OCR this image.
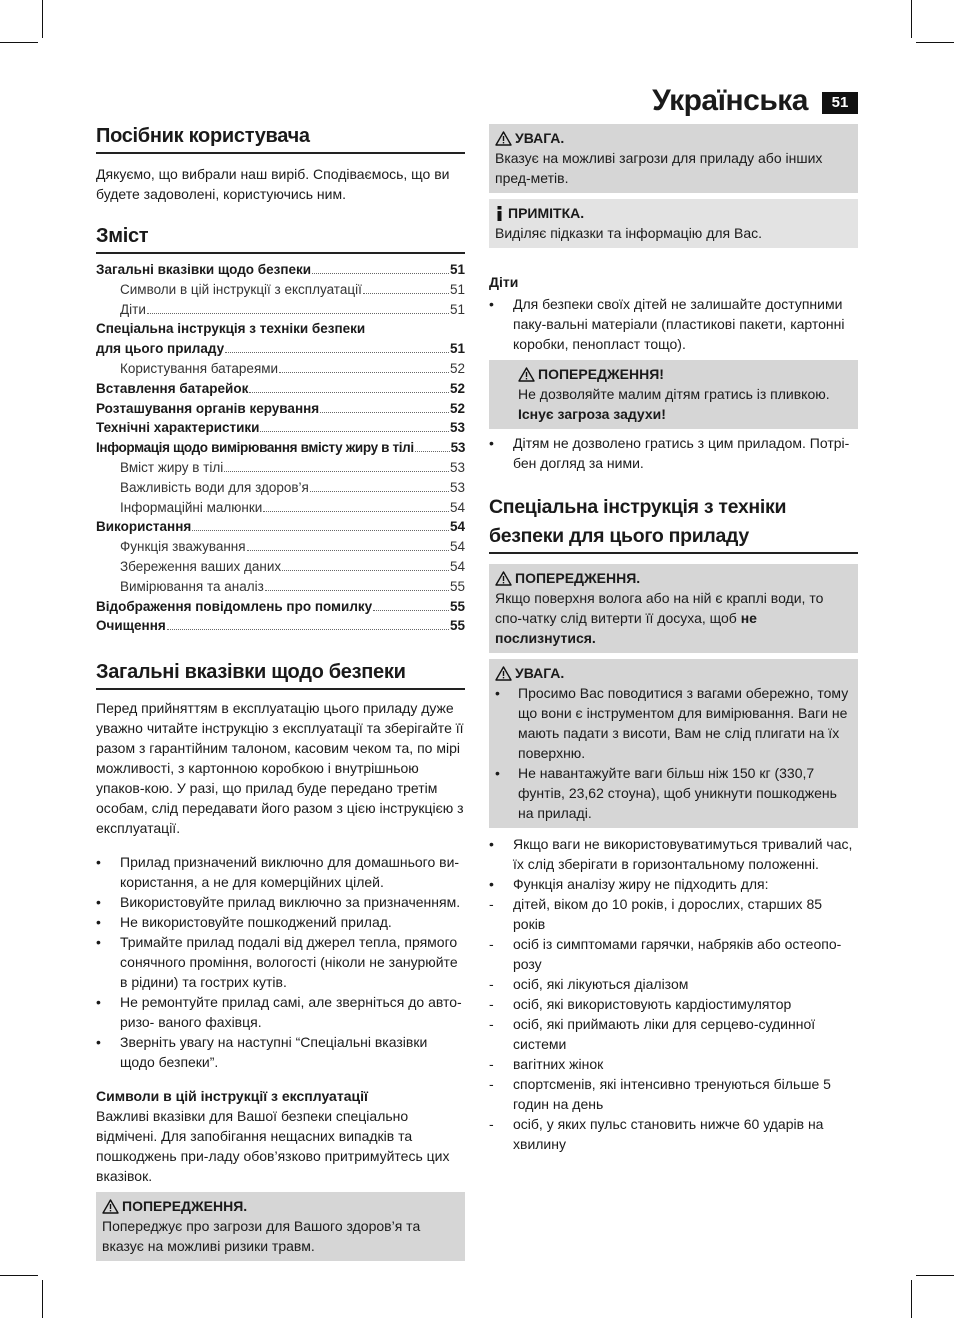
Українська	51
Посібник користувача

Дякуємо, що вибрали наш виріб. Сподіваємось, що ви будете задоволені, користуючись ним.

Зміст
Загальні вказівки щодо безпеки	51
Символи в цій інструкції з експлуатації	51
Діти	51
Спеціальна інструкція з техніки безпеки
для цього приладу	51
Користування батареями	52
Вставлення батарейок	52
Розташування органів керування	52
Технічні характеристики	53
Інформація щодо вимірювання вмісту жиру в тілі	53
Вміст жиру в тілі	53
Важливість води для здоров’я	53
Інформаційні малюнки	54
Використання	54
Функція зважування	54
Збереження ваших даних	54
Вимірювання та аналіз	55
Відображення повідомлень про помилку	55
Очищення	55
Загальні вказівки щодо безпеки

Перед прийняттям в експлуатацію цього приладу дуже уважно читайте інструкцію з експлуатації та зберігайте її разом з гарантійним талоном, касовим чеком та, по мірі можливості, з картонною коробкою і внутрішньою упаков-кою. У разі, що прилад буде передано третім особам, слід передавати його разом з цією інструкцією з експлуатації.

• Прилад призначений виключно для домашнього ви-користання, а не для комерційних цілей.
• Використовуйте прилад виключно за призначенням.
• Не використовуйте пошкоджений прилад.
• Тримайте прилад подалі від джерел тепла, прямого сонячного проміння, вологості (ніколи не занурюйте в рідини) та гострих кутів.
• Не ремонтуйте прилад самі, але зверніться до авто-ризо- ваного фахівця.
• Зверніть увагу на наступні “Спеціальні вказівки щодо безпеки”.
Символи в цій інструкції з експлуатації

Важливі вказівки для Вашої безпеки спеціально відмічені. Для запобігання нещасних випадків та пошкоджень при-ладу обов’язково притримуйтесь цих вказівок.

ПОПЕРЕДЖЕННЯ.

Попереджує про загрози для Вашого здоров’я та вказує на можливі ризики травм.

УВАГА.

Вказує на можливі загрози для приладу або інших пред-метів.

ПРИМІТКА.

Виділяє підказки та інформацію для Вас.

Діти
• Для безпеки своїх дітей не залишайте доступними паку-вальні матеріали (пластикові пакети, картонні коробки, пенопласт тощо).
ПОПЕРЕДЖЕННЯ!

Не дозволяйте малим дітям гратись із пливкою.

Існує загроза задухи!

• Дітям не дозволено гратись з цим приладом. Потрі-бен догляд за ними.
Спеціальна інструкція з техніки безпеки для цього приладу
ПОПЕРЕДЖЕННЯ.

Якщо поверхня волога або на ній є краплі води, то спо-чатку слід витерти її досуха, щоб не послизнутися.

УВАГА.
• Просимо Вас поводитися з вагами обережно, тому що вони є інструментом для вимірювання. Ваги не мають падати з висоти, Вам не слід плигати на їх поверхню.
• Не навантажуйте ваги більш ніж 150 кг (330,7 фунтів, 23,62 стоуна), щоб уникнути пошкоджень на приладі.
• Якщо ваги не використовуватимуться тривалий час, їх слід зберігати в горизонтальному положенні.
• Функція аналізу жиру не підходить для:
- дітей, віком до 10 років, і дорослих, старших 85 років
- осіб із симптомами гарячки, набряків або остеопо-розу
- осіб, які лікуються діалізом
- осіб, які використовують кардіостимулятор
- осіб, які приймають ліки для серцево-судинної системи
- вагітних жінок
- спортсменів, які інтенсивно тренуються більше 5 годин на день
- осіб, у яких пульс становить нижче 60 ударів на хвилину
